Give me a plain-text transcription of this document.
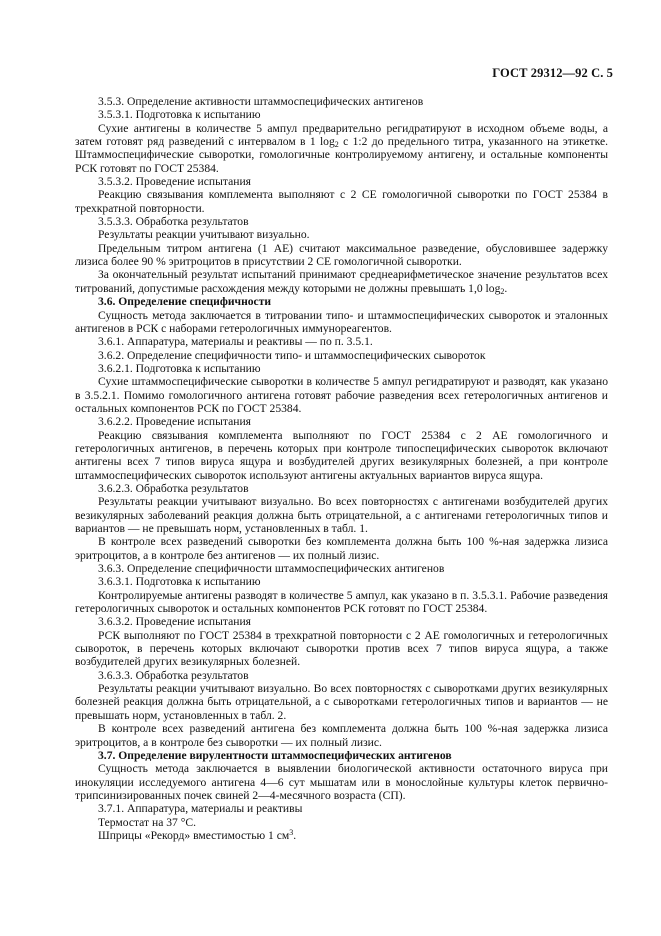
ГОСТ 29312—92 С. 5

3.5.3. Определение активности штаммоспецифических антигенов

3.5.3.1. Подготовка к испытанию

Сухие антигены в количестве 5 ампул предварительно регидратируют в исходном объеме воды, а затем готовят ряд разведений с интервалом в 1 $\log_2 с$ 1:2 до предельного титра, указанного на этикетке. Штаммоспецифические сыворотки, гомологичные контролируемому антигену, и остальные компоненты РСК готовят по ГОСТ 25384.

3.5.3.2. Проведение испытания

Реакцию связывания комплемента выполняют с 2 СЕ гомологичной сыворотки по ГОСТ 25384 в трехкратной повторности.

3.5.3.3. Обработка результатов

Результаты реакции учитывают визуально.

Предельным титром антигена (1 АЕ) считают максимальное разведение, обусловившее задержку лизиса более 90 % эритроцитов в присутствии 2 СЕ гомологичной сыворотки.

За окончательный результат испытаний принимают среднеарифметическое значение результатов всех титрований, допустимые расхождения между которыми не должны превышать 1,0 $\log_2$.

3.6. Определение специфичности

Сущность метода заключается в титровании типо- и штаммоспецифических сывороток и эталонных антигенов в РСК с наборами гетерологичных иммунореагентов.

3.6.1. Аппаратура, материалы и реактивы — по п. 3.5.1.

3.6.2. Определение специфичности типо- и штаммоспецифических сывороток

3.6.2.1. Подготовка к испытанию

Сухие штаммоспецифические сыворотки в количестве 5 ампул регидратируют и разводят, как указано в 3.5.2.1. Помимо гомологичного антигена готовят рабочие разведения всех гетерологичных антигенов и остальных компонентов РСК по ГОСТ 25384.

3.6.2.2. Проведение испытания

Реакцию связывания комплемента выполняют по ГОСТ 25384 с 2 АЕ гомологичного и гетерологичных антигенов, в перечень которых при контроле типоспецифических сывороток включают антигены всех 7 типов вируса ящура и возбудителей других везикулярных болезней, а при контроле штаммоспецифических сывороток используют антигены актуальных вариантов вируса ящура.

3.6.2.3. Обработка результатов

Результаты реакции учитывают визуально. Во всех повторностях с антигенами возбудителей других везикулярных заболеваний реакция должна быть отрицательной, а с антигенами гетерологичных типов и вариантов — не превышать норм, установленных в табл. 1.

В контроле всех разведений сыворотки без комплемента должна быть 100 %-ная задержка лизиса эритроцитов, а в контроле без антигенов — их полный лизис.

3.6.3. Определение специфичности штаммоспецифических антигенов

3.6.3.1. Подготовка к испытанию

Контролируемые антигены разводят в количестве 5 ампул, как указано в п. 3.5.3.1. Рабочие разведения гетерологичных сывороток и остальных компонентов РСК готовят по ГОСТ 25384.

3.6.3.2. Проведение испытания

РСК выполняют по ГОСТ 25384 в трехкратной повторности с 2 АЕ гомологичных и гетерологичных сывороток, в перечень которых включают сыворотки против всех 7 типов вируса ящура, а также возбудителей других везикулярных болезней.

3.6.3.3. Обработка результатов

Результаты реакции учитывают визуально. Во всех повторностях с сыворотками других везикулярных болезней реакция должна быть отрицательной, а с сыворотками гетерологичных типов и вариантов — не превышать норм, установленных в табл. 2.

В контроле всех разведений антигена без комплемента должна быть 100 %-ная задержка лизиса эритроцитов, а в контроле без сыворотки — их полный лизис.

3.7. Определение вирулентности штаммоспецифических антигенов

Сущность метода заключается в выявлении биологической активности остаточного вируса при инокуляции исследуемого антигена 4—6 сут мышатам или в монослойные культуры клеток первично-трипсинизированных почек свиней 2—4-месячного возраста (СП).

3.7.1. Аппаратура, материалы и реактивы

Термостат на 37 °С.

Шприцы «Рекорд» вместимостью 1 $см^3$.
